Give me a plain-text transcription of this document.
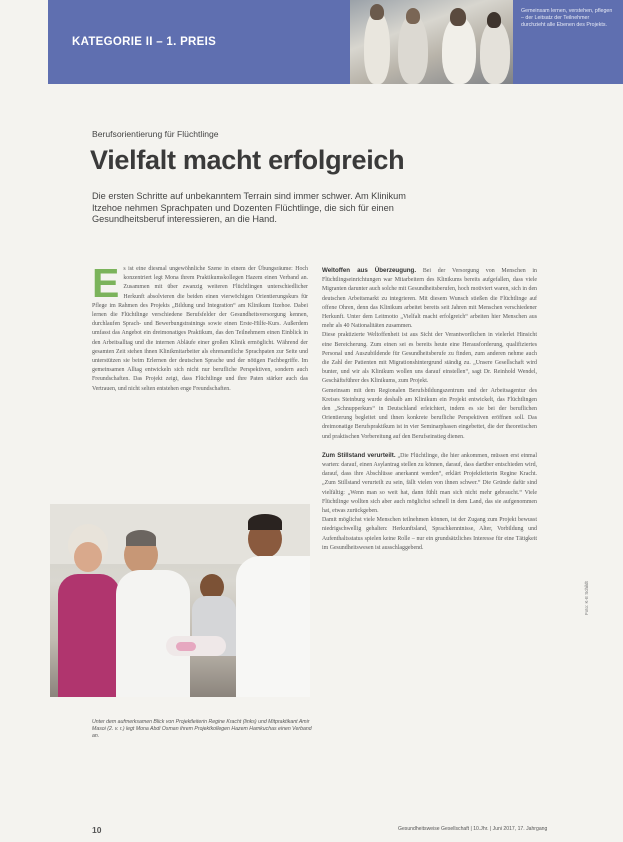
KATEGORIE II – 1. PREIS
Gemeinsam lernen, verstehen, pflegen – der Leitsatz der Teilnehmer durchzieht alle Ebenen des Projekts.
Berufsorientierung für Flüchtlinge
Vielfalt macht erfolgreich
Die ersten Schritte auf unbekanntem Terrain sind immer schwer. Am Klinikum Itzehoe nehmen Sprachpaten und Dozenten Flüchtlinge, die sich für einen Gesundheitsberuf interessieren, an die Hand.
E s ist eine diesmal ungewöhnliche Szene in einem der Übungsräume: Hoch konzentriert legt Mona ihrem Praktikumskollegen Hazem einen Verband an. Zusammen mit über zwanzig weiteren Flüchtlingen unterschiedlicher Herkunft absolvieren die beiden einen vierwöchigen Orientierungskurs für Pflege im Rahmen des Projekts „Bildung und Integration“ am Klinikum Itzehoe. Dabei lernen die Flüchtlinge verschiedene Berufsfelder der Gesundheitsversorgung kennen, durchlaufen Sprach- und Bewerbungstrainings sowie einen Erste-Hilfe-Kurs. Außerdem umfasst das Angebot ein dreimonatiges Praktikum, das den Teilnehmern einen Einblick in den Arbeitsalltag und die internen Abläufe einer großen Klinik ermöglicht. Während der gesamten Zeit stehen ihnen Klinikmitarbeiter als ehrenamtliche Sprachpaten zur Seite und unterstützen sie beim Erlernen der deutschen Sprache und der nötigen Fachbegriffe. Im gemeinsamen Alltag entwickeln sich nicht nur berufliche Perspektiven, sondern auch Freundschaften. Das Projekt zeigt, dass Flüchtlinge und ihre Paten stärker auch das Vertrauen, und nicht selten entstehen enge Freundschaften.

Weltoffen aus Überzeugung. Bei der Versorgung von Menschen in Flüchtlingseinrichtungen war Mitarbeitern des Klinikums bereits aufgefallen, dass viele Migranten darunter auch solche mit Gesundheitsberufen, hoch motiviert waren, sich in den deutschen Arbeitsmarkt zu integrieren. Mit diesem Wunsch stießen die Flüchtlinge auf offene Ohren, denn das Klinikum arbeitet bereits seit Jahren mit Menschen verschiedener Herkunft. Unter dem Leitmotto „Vielfalt macht erfolgreich“ arbeiten hier Menschen aus mehr als 40 Nationalitäten zusammen.

Diese praktizierte Weltoffenheit ist aus Sicht der Verantwortlichen in vielerlei Hinsicht eine Bereicherung. Zum einen sei es bereits heute eine Herausforderung, qualifiziertes Personal und Auszubildende für Gesundheitsberufe zu finden, zum anderen nehme auch die Zahl der Patienten mit Migrationshintergrund ständig zu. „Unsere Gesellschaft wird bunter, und wir als Klinikum wollen uns darauf einstellen“, sagt Dr. Reinhold Wendel, Geschäftsführer des Klinikums, zum Projekt.

Gemeinsam mit dem Regionalen Berufsbildungszentrum und der Arbeitsagentur des Kreises Steinburg wurde deshalb am Klinikum ein Projekt entwickelt, das Flüchtlingen den „Schnupperkurs“ in Deutschland erleichtert, indem es sie bei der beruflichen Orientierung begleitet und ihnen konkrete berufliche Perspektiven eröffnen soll. Das dreimonatige Berufspraktikum ist in vier Seminarphasen eingebettet, die der theoretischen und praktischen Vorbereitung auf den Berufseinstieg dienen.

Zum Stillstand verurteilt. „Die Flüchtlinge, die hier ankommen, müssen erst einmal warten: darauf, einen Asylantrag stellen zu können, darauf, dass darüber entschieden wird, darauf, dass ihre Abschlüsse anerkannt werden“, erklärt Projektleiterin Regine Kracht. „Zum Stillstand verurteilt zu sein, fällt vielen von ihnen schwer.“ Die Gründe dafür sind vielfältig: „Wenn man so weit hat, dann fühlt man sich nicht mehr gebraucht.“ Viele Flüchtlinge wollten sich aber auch möglichst schnell in dem Land, das sie aufgenommen hat, etwas zurückgeben.

Damit möglichst viele Menschen teilnehmen können, ist der Zugang zum Projekt bewusst niedrigschwellig gehalten: Herkunftsland, Sprachkenntnisse, Alter, Vorbildung und Aufenthaltsstatus spielen keine Rolle – nur ein grundsätzliches Interesse für eine Tätigkeit im Gesundheitswesen ist ausschlaggebend.

Unter dem aufmerksamen Blick von Projektleiterin Regine Kracht (links) und Mitpraktikant Amir Masoi (2. v. r.) legt Mona Abdi Osman ihrem Projektkollegen Hazem Hamkuchas einen Verband an.
Foto: K-E Schildt
10	Gesundheitsweise Gesellschaft | 10.Jhr. | Juni 2017, 17. Jahrgang
